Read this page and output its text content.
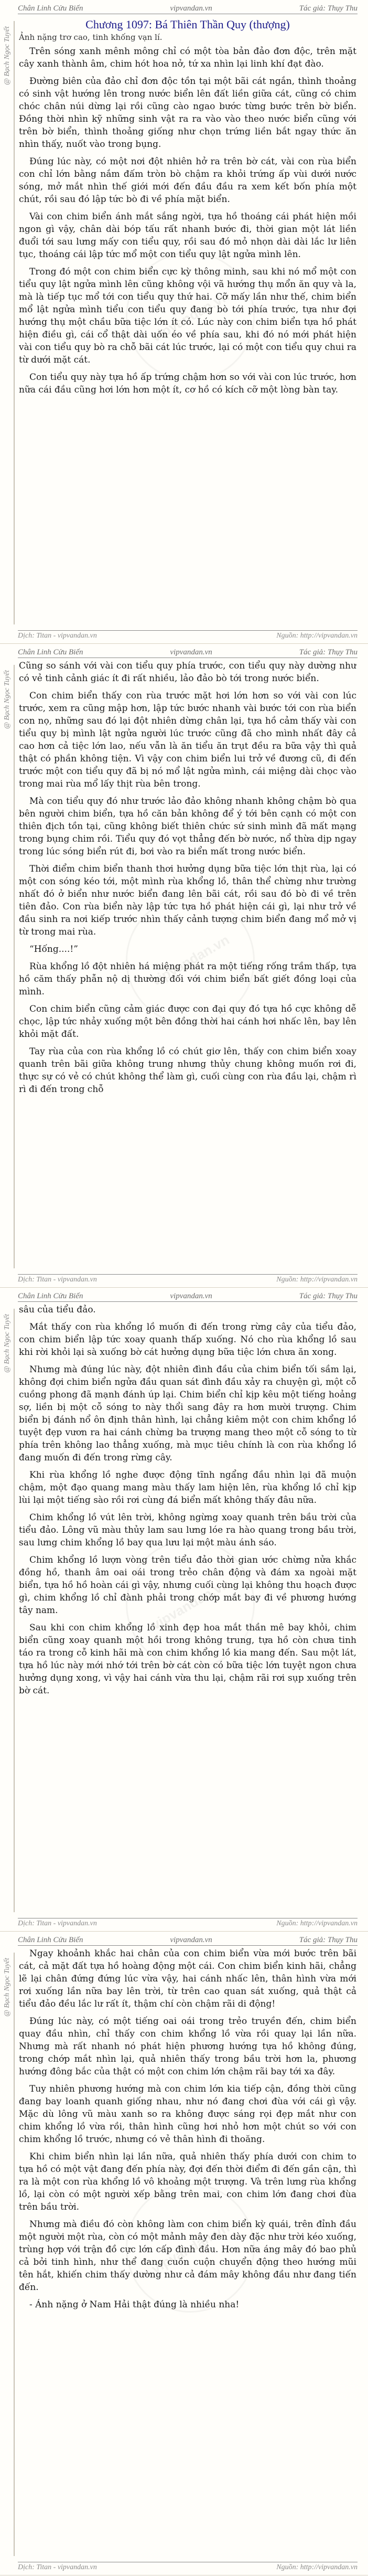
Chân Linh Cửu Biến	vipvandan.vn	Tác giả: Thụy Thu
@ Bạch Ngọc Tuyết
vipvandan.vn
Chương 1097: Bá Thiên Thần Quy (thượng)
Ảnh nặng trơ cao, tinh khống vạn lí.

Trên sóng xanh mênh mông chỉ có một tòa bản đảo đơn độc, trên mặt cây xanh thành âm, chim hót hoa nở, tứ xa nhìn lại linh khí đạt đào.

Đường biên của đảo chỉ đơn độc tồn tại một bãi cát ngắn, thình thoảng có sinh vật hướng lên trong nước biển lên đất liền giữa cát, cũng có chim chóc chân núi dừng lại rồi cũng cào ngao bước từng bước trên bờ biển. Đồng thời nhìn kỹ những sinh vật ra ra vào vào theo nước biển cũng với trên bờ biển, thình thoảng giống như chọn trứng liền bắt ngay thức ăn nhìn thấy, nuốt vào trong bụng.

Đúng lúc này, có một nơi đột nhiên hở ra trên bờ cát, vài con rùa biển con chỉ lớn bằng nắm đấm tròn bò chậm ra khỏi trứng ấp vùi dưới nước sóng, mở mắt nhìn thế giới mới đến đầu đầu ra xem kết bốn phía một chút, rồi sau đó lập tức bò đi về phía mặt biển.

Vài con chim biển ánh mắt sắng ngời, tựa hồ thoáng cái phát hiện mồi ngon gì vậy, chân dài bóp tấu rất nhanh bước đi, thời gian một lát liền đuổi tới sau lưng mấy con tiểu quy, rồi sau đó mỏ nhọn dài dài lắc lư liên tục, thoáng cái lập tức mổ một con tiểu quy lật ngửa mình lên.

Trong đó một con chim biển cực kỳ thông minh, sau khi nó mổ một con tiểu quy lật ngửa mình lên cũng không vội vã hướng thụ mổn ăn quy và la, mà là tiếp tục mổ tới con tiểu quy thứ hai. Cỡ mấy lần như thế, chim biển mổ lật ngửa mình tiểu con tiểu quy đang bò tới phía trước, tựa như đợi hướng thụ một chầu bữa tiệc lớn ít có. Lúc này con chim biển tựa hồ phát hiện điều gì, cái cổ thật dài uốn éo về phía sau, khi đó nó mới phát hiện vài con tiểu quy bò ra chỗ bãi cát lúc trước, lại có một con tiểu quy chui ra từ dưới mặt cát.

Con tiểu quy này tựa hồ ấp trứng chậm hơn so với vài con lúc trước, hơn nữa cái đầu cũng hơi lớn hơn một ít, cơ hồ có kích cỡ một lòng bàn tay.

Dịch: Titan - vipvandan.vn	Nguồn: http://vipvandan.vn
Chân Linh Cửu Biến	vipvandan.vn	Tác giả: Thụy Thu
@ Bạch Ngọc Tuyết
vipvandan.vn

Cũng so sánh với vài con tiểu quy phía trước, con tiểu quy này dường như có vẻ tinh cảnh giác ít đi rất nhiều, lảo đảo bò tới trong nước biển.

Con chim biển thấy con rùa trước mặt hơi lớn hơn so với vài con lúc trước, xem ra cũng mập hơn, lập tức bước nhanh vài bước tới con rùa biển con nọ, những sau đó lại đột nhiên dừng chân lại, tựa hồ cảm thấy vài con tiểu quy bị mình lật ngửa người lúc trước cũng đã cho mình nhất đây cả cao hơn cả tiệc lớn lao, nếu vẫn là ăn tiểu ăn trụt đều ra bữa vậy thì quả thật có phần không tiện. Vì vậy con chim biển lui trở về đương cũ, đi đến trước một con tiểu quy đã bị nó mổ lật ngửa mình, cái miệng dài chọc vào trong mai rùa mổ lấy thịt rùa bên trong.

Mà con tiểu quy đó như trước lảo đảo không nhanh không chậm bò qua bên người chim biển, tựa hồ căn bản không để ý tới bên cạnh có một con thiên địch tồn tại, cũng không biết thiên chức sứ sinh mình đã mất mạng trong bụng chim rồi. Tiểu quy đó vọt thẳng đến bờ nước, nổ thừa dịp ngay trong lúc sóng biển rút đi, bơi vào ra biển mất trong nước biển.

Thời điểm chim biển thanh thơi hưởng dụng bữa tiệc lớn thịt rùa, lại có một con sóng kéo tới, một mình rùa khổng lồ, thân thể chừng như trường nhất đó ở biển như nước biển đang lên bãi cát, rồi sau đó bò đi về trên tiên đảo. Con rùa biển này lập tức tựa hồ phát hiện cái gì, lại như trở về đầu sinh ra nơi kiếp trước nhìn thấy cảnh tượng chim biển đang mổ mở vị từ trong mai rùa.

“Hống....!”

Rùa khổng lồ đột nhiên há miệng phát ra một tiếng rống trầm thấp, tựa hồ căm thấy phẫn nộ dị thường đối với chim biển bất giết đồng loại của mình.

Con chim biển cũng cảm giác được con đại quy đó tựa hồ cực không dễ chọc, lập tức nhảy xuống một bên đồng thời hai cánh hơi nhấc lên, bay lên khỏi mặt đất.

Tay rùa của con rùa khổng lồ có chút giơ lên, thấy con chim biển xoay quanh trên bãi giữa không trung nhưng thủy chung không muốn rơi đi, thực sự có vẻ có chút không thể làm gì, cuối cùng con rùa đầu lại, chậm rì rì đi đến trong chỗ

Dịch: Titan - vipvandan.vn	Nguồn: http://vipvandan.vn
Chân Linh Cửu Biến	vipvandan.vn	Tác giả: Thụy Thu
@ Bạch Ngọc Tuyết
vipvandan.vn

sâu của tiểu đảo.

Mắt thấy con rùa khổng lồ muốn đi đến trong rừng cây của tiểu đảo, con chim biển lập tức xoay quanh thấp xuống. Nó cho rùa khổng lồ sau khi rời khỏi lại sà xuống bờ cát hưởng dụng bữa tiệc lớn chưa ăn xong.

Nhưng mà đúng lúc này, đột nhiên đình đầu của chim biển tối sầm lại, không đợi chim biển ngửa đầu quan sát đình đầu xảy ra chuyện gì, một cỗ cuồng phong đã mạnh đánh úp lại. Chim biển chỉ kịp kêu một tiếng hoảng sợ, liền bị một cỗ sóng to này thổi sang đây ra hơn mười trượng. Chim biển bị đánh nổ ôn định thân hình, lại chẳng kiêm một con chim khổng lồ tuyệt đẹp vươn ra hai cánh chừng ba trượng mang theo một cỗ sóng to từ phía trên không lao thẳng xuống, mà mục tiêu chính là con rùa khổng lồ đang muốn đi đến trong rừng cây.

Khi rùa khổng lồ nghe được động tĩnh ngẩng đầu nhìn lại đã muộn chậm, một đạo quang mang màu thấy lam hiện lên, rùa khổng lồ chỉ kịp lùi lại một tiếng sào rồi rơi cùng đá biển mất không thấy đâu nữa.

Chim khổng lồ vút lên trời, không ngừng xoay quanh trên bầu trời của tiểu đảo. Lông vũ màu thủy lam sau lưng lóe ra hào quang trong bầu trời, sau lưng chim khổng lồ bay qua lưu lại một màu ánh sáo.

Chim khổng lồ lượn vòng trên tiểu đảo thời gian ước chừng nửa khắc đồng hồ, thanh âm oai oái trong trẻo chân động và đám xa ngoài mặt biển, tựa hồ hồ hoàn cái gì vậy, nhưng cuối cùng lại không thu hoạch được gì, chim khổng lồ chỉ đành phải trong chớp mắt bay đi về phương hướng tây nam.

Sau khi con chim khổng lồ xinh đẹp hoa mắt thần mê bay khỏi, chim biển cũng xoay quanh một hồi trong không trung, tựa hồ còn chưa tinh táo ra trong cỗ kinh hãi mà con chim khổng lồ kia mang đến. Sau một lát, tựa hồ lúc này mới nhớ tới trên bờ cát còn có bữa tiệc lớn tuyệt ngon chưa hưởng dụng xong, vì vậy hai cánh vừa thu lại, chậm rãi rơi sụp xuống trên bờ cát.

Dịch: Titan - vipvandan.vn	Nguồn: http://vipvandan.vn
Chân Linh Cửu Biến	vipvandan.vn	Tác giả: Thụy Thu
@ Bạch Ngọc Tuyết
vipvandan.vn

Ngay khoảnh khắc hai chân của con chim biển vừa mới bước trên bãi cát, cả mặt đất tựa hồ hoàng động một cái. Con chim biển kinh hãi, chẳng lẽ lại chân đứng đứng lúc vừa vậy, hai cánh nhấc lên, thân hình vừa mới rơi xuống lần nữa bay lên trời, từ trên cao quan sát xuống, quả thật cả tiểu đảo đều lắc lư rất ít, thậm chí còn chậm rãi di động!

Đúng lúc này, có một tiếng oai oái trong trẻo truyền đến, chim biển quay đầu nhìn, chỉ thấy con chim khổng lồ vừa rồi quay lại lần nữa. Nhưng mà rất nhanh nó phát hiện phương hướng tựa hồ không đúng, trong chớp mắt nhìn lại, quả nhiên thấy trong bầu trời hơn la, phương hướng đông bắc của thật có một con chim lớn chậm rãi bay tới xa đây.

Tuy nhiên phương hướng mà con chim lớn kia tiếp cận, đồng thời cũng đang bay loanh quanh giống nhau, như nó đang chơi đùa với cái gì vậy. Mặc dù lông vũ màu xanh so ra không được sáng rọi đẹp mắt như con chim khổng lồ vừa rồi, thân hình cũng hơi nhỏ hơn một chút so với con chim khổng lồ trước, nhưng có vẻ thân hình đi thoăng.

Khi chim biển nhìn lại lần nữa, quả nhiên thấy phía dưới con chim to tựa hồ có một vật đang đến phía này, đợi đến thời điểm đi đến gần cận, thì ra là một con rùa khổng lồ vô khoảng một trượng. Và trên lưng rùa khổng lồ, lại còn có một người xếp bằng trên mai, con chim lớn đang chơi đùa trên bầu trời.

Nhưng mà điều đó còn không làm con chim biển kỳ quái, trên đỉnh đầu một người một rùa, còn có một mảnh mây đen dày đặc như trời kéo xuống, trùng hợp với trận đồ cực lớn cấp đình đầu. Hơn nữa áng mây đó bao phủ cả bởi tinh hình, như thể đang cuồn cuộn chuyển động theo hướng mũi tên hắt, khiến chim thấy dường như cả đám mây không đầu như đang tiến đến.

- Ánh nặng ở Nam Hải thật đúng là nhiều nha!

Dịch: Titan - vipvandan.vn	Nguồn: http://vipvandan.vn
